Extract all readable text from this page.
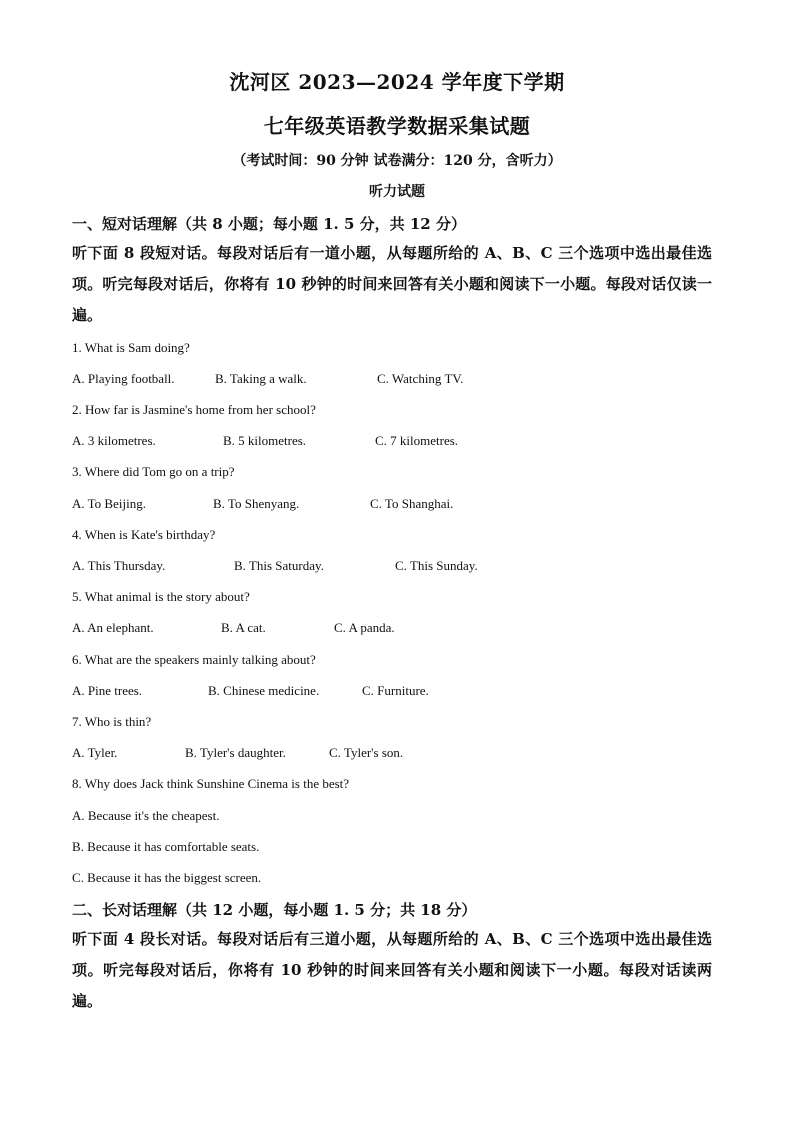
沈河区 2023—2024 学年度下学期
七年级英语教学数据采集试题
（考试时间：90 分钟 试卷满分：120 分，含听力）
听力试题
一、短对话理解（共 8 小题；每小题 1. 5 分，共 12 分）
听下面 8 段短对话。每段对话后有一道小题，从每题所给的 A、B、C 三个选项中选出最佳选项。听完每段对话后，你将有 10 秒钟的时间来回答有关小题和阅读下一小题。每段对话仅读一遍。
1. What is Sam doing?
A. Playing football.	B. Taking a walk.	C. Watching TV.
2. How far is Jasmine's home from her school?
A. 3 kilometres.	B. 5 kilometres.	C. 7 kilometres.
3. Where did Tom go on a trip?
A. To Beijing.	B. To Shenyang.	C. To Shanghai.
4. When is Kate's birthday?
A. This Thursday.	B. This Saturday.	C. This Sunday.
5. What animal is the story about?
A. An elephant.	B. A cat.	C. A panda.
6. What are the speakers mainly talking about?
A. Pine trees.	B. Chinese medicine.	C. Furniture.
7. Who is thin?
A. Tyler.	B. Tyler's daughter.	C. Tyler's son.
8. Why does Jack think Sunshine Cinema is the best?
A. Because it's the cheapest.
B. Because it has comfortable seats.
C. Because it has the biggest screen.
二、长对话理解（共 12 小题，每小题 1. 5 分；共 18 分）
听下面 4 段长对话。每段对话后有三道小题，从每题所给的 A、B、C 三个选项中选出最佳选项。听完每段对话后，你将有 10 秒钟的时间来回答有关小题和阅读下一小题。每段对话读两遍。
